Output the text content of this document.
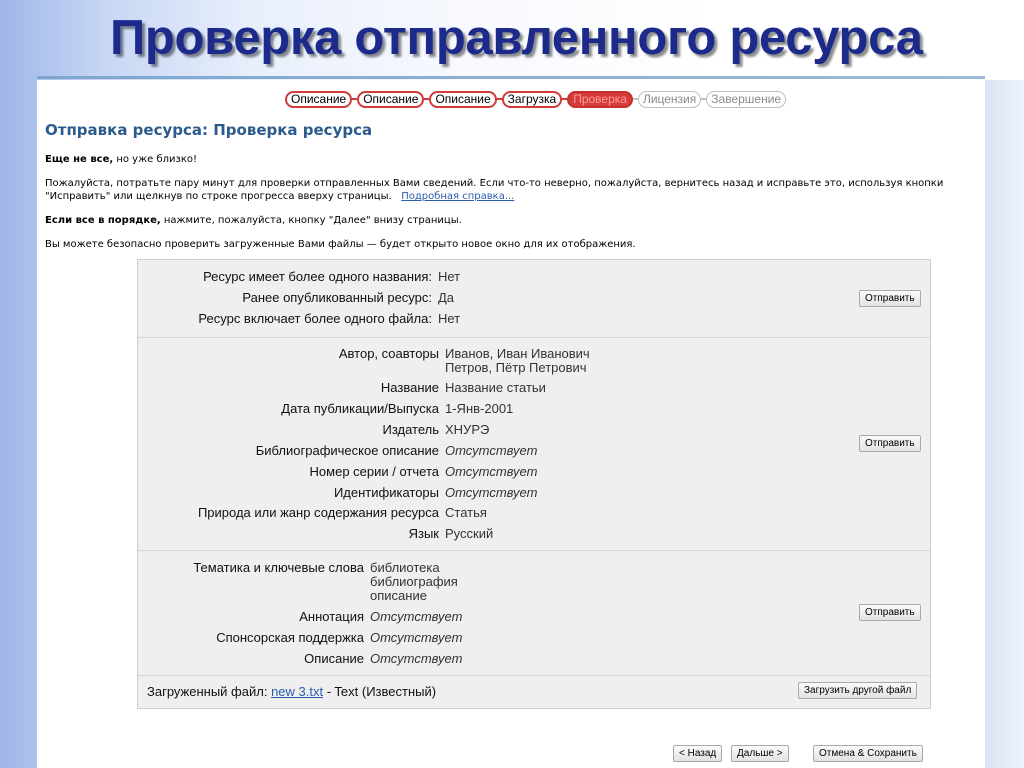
Проверка отправленного ресурса
Описание	Описание	Описание	Загрузка	Проверка	Лицензия	Завершение
Отправка ресурса: Проверка ресурса
Еще не все, но уже близко!
Пожалуйста, потратьте пару минут для проверки отправленных Вами сведений. Если что-то неверно, пожалуйста, вернитесь назад и исправьте это, используя кнопки "Исправить" или щелкнув по строке прогресса вверху страницы. Подробная справка...
Если все в порядке, нажмите, пожалуйста, кнопку "Далее" внизу страницы.
Вы можете безопасно проверить загруженные Вами файлы — будет открыто новое окно для их отображения.
Ресурс имеет более одного названия: Нет
Ранее опубликованный ресурс: Да
Ресурс включает более одного файла: Нет
Отправить
Автор, соавторы Иванов, Иван Иванович
Петров, Пётр Петрович
Название Название статьи
Дата публикации/Выпуска 1-Янв-2001
Издатель ХНУРЭ
Библиографическое описание Отсутствует
Номер серии / отчета Отсутствует
Идентификаторы Отсутствует
Природа или жанр содержания ресурса Статья
Язык Русский
Отправить
Тематика и ключевые слова библиотека
библиография
описание
Аннотация Отсутствует
Спонсорская поддержка Отсутствует
Описание Отсутствует
Отправить
Загруженный файл: new 3.txt - Text (Известный)	Загрузить другой файл
< Назад	Дальше >	Отмена & Сохранить
